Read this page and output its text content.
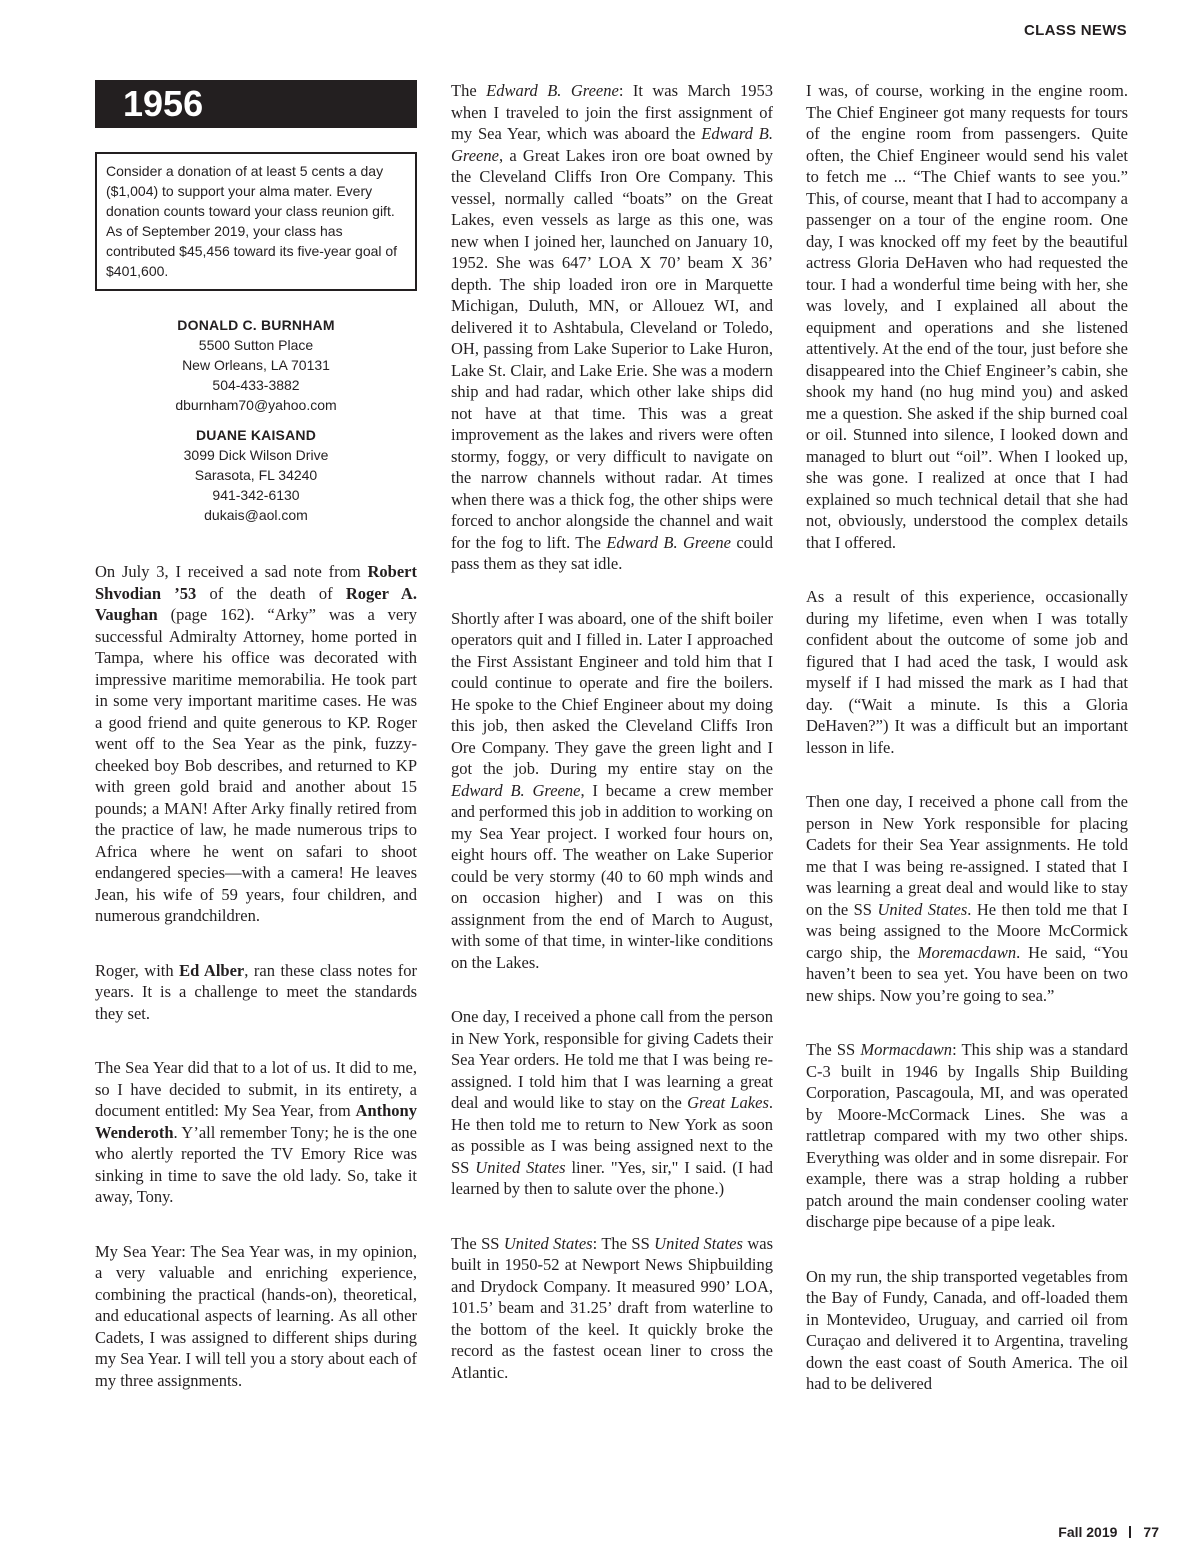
CLASS NEWS
1956
Consider a donation of at least 5 cents a day ($1,004) to support your alma mater. Every donation counts toward your class reunion gift. As of September 2019, your class has contributed $45,456 toward its five-year goal of $401,600.
DONALD C. BURNHAM
5500 Sutton Place
New Orleans, LA 70131
504-433-3882
dburnham70@yahoo.com
DUANE KAISAND
3099 Dick Wilson Drive
Sarasota, FL 34240
941-342-6130
dukais@aol.com

On July 3, I received a sad note from Robert Shvodian ’53 of the death of Roger A. Vaughan (page 162). “Arky” was a very successful Admiralty Attorney, home ported in Tampa, where his office was decorated with impressive maritime memorabilia. He took part in some very important maritime cases. He was a good friend and quite generous to KP. Roger went off to the Sea Year as the pink, fuzzy-cheeked boy Bob describes, and returned to KP with green gold braid and another about 15 pounds; a MAN! After Arky finally retired from the practice of law, he made numerous trips to Africa where he went on safari to shoot endangered species—with a camera! He leaves Jean, his wife of 59 years, four children, and numerous grandchildren.

Roger, with Ed Alber, ran these class notes for years. It is a challenge to meet the standards they set.

The Sea Year did that to a lot of us. It did to me, so I have decided to submit, in its entirety, a document entitled: My Sea Year, from Anthony Wenderoth. Y’all remember Tony; he is the one who alertly reported the TV Emory Rice was sinking in time to save the old lady. So, take it away, Tony.

My Sea Year: The Sea Year was, in my opinion, a very valuable and enriching experience, combining the practical (hands-on), theoretical, and educational aspects of learning. As all other Cadets, I was assigned to different ships during my Sea Year. I will tell you a story about each of my three assignments.

The Edward B. Greene: It was March 1953 when I traveled to join the first assignment of my Sea Year, which was aboard the Edward B. Greene, a Great Lakes iron ore boat owned by the Cleveland Cliffs Iron Ore Company. This vessel, normally called “boats” on the Great Lakes, even vessels as large as this one, was new when I joined her, launched on January 10, 1952. She was 647’ LOA X 70’ beam X 36’ depth. The ship loaded iron ore in Marquette Michigan, Duluth, MN, or Allouez WI, and delivered it to Ashtabula, Cleveland or Toledo, OH, passing from Lake Superior to Lake Huron, Lake St. Clair, and Lake Erie. She was a modern ship and had radar, which other lake ships did not have at that time. This was a great improvement as the lakes and rivers were often stormy, foggy, or very difficult to navigate on the narrow channels without radar. At times when there was a thick fog, the other ships were forced to anchor alongside the channel and wait for the fog to lift. The Edward B. Greene could pass them as they sat idle.

Shortly after I was aboard, one of the shift boiler operators quit and I filled in. Later I approached the First Assistant Engineer and told him that I could continue to operate and fire the boilers. He spoke to the Chief Engineer about my doing this job, then asked the Cleveland Cliffs Iron Ore Company. They gave the green light and I got the job. During my entire stay on the Edward B. Greene, I became a crew member and performed this job in addition to working on my Sea Year project. I worked four hours on, eight hours off. The weather on Lake Superior could be very stormy (40 to 60 mph winds and on occasion higher) and I was on this assignment from the end of March to August, with some of that time, in winter-like conditions on the Lakes.

One day, I received a phone call from the person in New York, responsible for giving Cadets their Sea Year orders. He told me that I was being re-assigned. I told him that I was learning a great deal and would like to stay on the Great Lakes. He then told me to return to New York as soon as possible as I was being assigned next to the SS United States liner. "Yes, sir," I said. (I had learned by then to salute over the phone.)

The SS United States: The SS United States was built in 1950-52 at Newport News Shipbuilding and Drydock Company. It measured 990’ LOA, 101.5’ beam and 31.25’ draft from waterline to the bottom of the keel. It quickly broke the record as the fastest ocean liner to cross the Atlantic.

I was, of course, working in the engine room. The Chief Engineer got many requests for tours of the engine room from passengers. Quite often, the Chief Engineer would send his valet to fetch me ... “The Chief wants to see you.” This, of course, meant that I had to accompany a passenger on a tour of the engine room. One day, I was knocked off my feet by the beautiful actress Gloria DeHaven who had requested the tour. I had a wonderful time being with her, she was lovely, and I explained all about the equipment and operations and she listened attentively. At the end of the tour, just before she disappeared into the Chief Engineer’s cabin, she shook my hand (no hug mind you) and asked me a question. She asked if the ship burned coal or oil. Stunned into silence, I looked down and managed to blurt out “oil”. When I looked up, she was gone. I realized at once that I had explained so much technical detail that she had not, obviously, understood the complex details that I offered.

As a result of this experience, occasionally during my lifetime, even when I was totally confident about the outcome of some job and figured that I had aced the task, I would ask myself if I had missed the mark as I had that day. (“Wait a minute. Is this a Gloria DeHaven?”) It was a difficult but an important lesson in life.

Then one day, I received a phone call from the person in New York responsible for placing Cadets for their Sea Year assignments. He told me that I was being re-assigned. I stated that I was learning a great deal and would like to stay on the SS United States. He then told me that I was being assigned to the Moore McCormick cargo ship, the Moremacdawn. He said, “You haven’t been to sea yet. You have been on two new ships. Now you’re going to sea.”

The SS Mormacdawn: This ship was a standard C-3 built in 1946 by Ingalls Ship Building Corporation, Pascagoula, MI, and was operated by Moore-McCormack Lines. She was a rattletrap compared with my two other ships. Everything was older and in some disrepair. For example, there was a strap holding a rubber patch around the main condenser cooling water discharge pipe because of a pipe leak.

On my run, the ship transported vegetables from the Bay of Fundy, Canada, and off-loaded them in Montevideo, Uruguay, and carried oil from Curaçao and delivered it to Argentina, traveling down the east coast of South America. The oil had to be delivered

Fall 2019 77
